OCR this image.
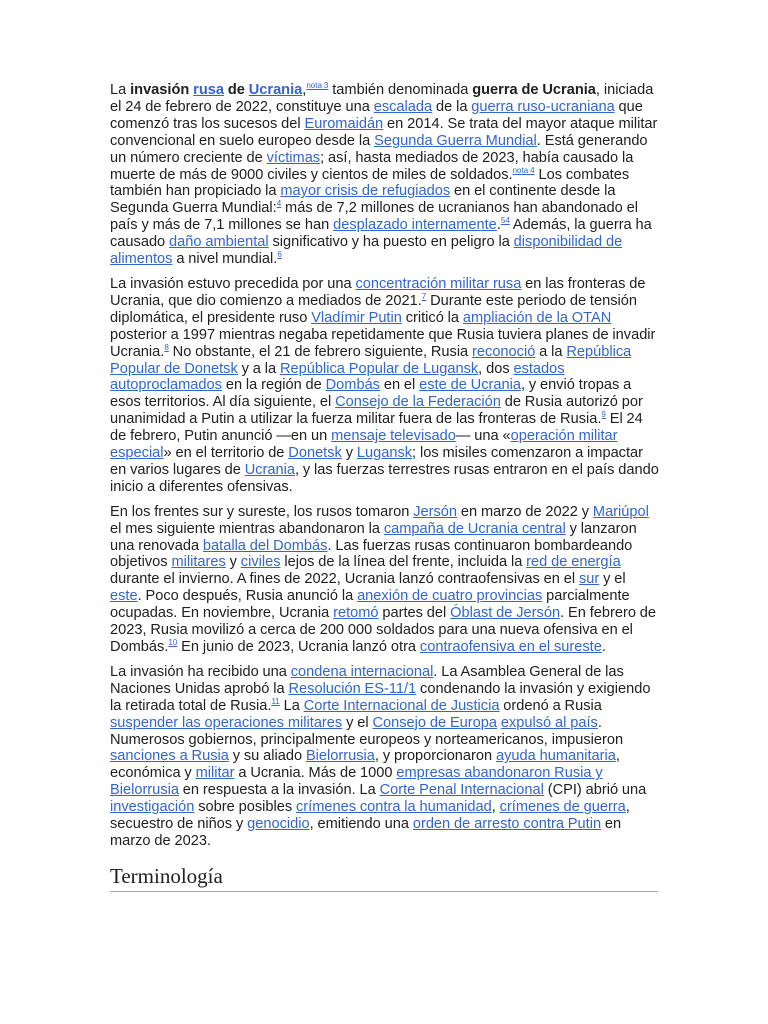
La invasión rusa de Ucrania,$^{nota 3}$ también denominada guerra de Ucrania, iniciada el 24 de febrero de 2022, constituye una escalada de la guerra ruso-ucraniana que comenzó tras los sucesos del Euromaidán en 2014. Se trata del mayor ataque militar convencional en suelo europeo desde la Segunda Guerra Mundial. Está generando un número creciente de víctimas; así, hasta mediados de 2023, había causado la muerte de más de 9000 civiles y cientos de miles de soldados.$^{nota 4}$ Los combates también han propiciado la mayor crisis de refugiados en el continente desde la Segunda Guerra Mundial:$^4$ más de 7,2 millones de ucranianos han abandonado el país y más de 7,1 millones se han desplazado internamente.$^{54}$ Además, la guerra ha causado daño ambiental significativo y ha puesto en peligro la disponibilidad de alimentos a nivel mundial.$^6$

La invasión estuvo precedida por una concentración militar rusa en las fronteras de Ucrania, que dio comienzo a mediados de 2021.$^7$ Durante este periodo de tensión diplomática, el presidente ruso Vladímir Putin criticó la ampliación de la OTAN posterior a 1997 mientras negaba repetidamente que Rusia tuviera planes de invadir Ucrania.$^8$ No obstante, el 21 de febrero siguiente, Rusia reconoció a la República Popular de Donetsk y a la República Popular de Lugansk, dos estados autoproclamados en la región de Dombás en el este de Ucrania, y envió tropas a esos territorios. Al día siguiente, el Consejo de la Federación de Rusia autorizó por unanimidad a Putin a utilizar la fuerza militar fuera de las fronteras de Rusia.$^9$ El 24 de febrero, Putin anunció —en un mensaje televisado— una «operación militar especial» en el territorio de Donetsk y Lugansk; los misiles comenzaron a impactar en varios lugares de Ucrania, y las fuerzas terrestres rusas entraron en el país dando inicio a diferentes ofensivas.

En los frentes sur y sureste, los rusos tomaron Jersón en marzo de 2022 y Mariúpol el mes siguiente mientras abandonaron la campaña de Ucrania central y lanzaron una renovada batalla del Dombás. Las fuerzas rusas continuaron bombardeando objetivos militares y civiles lejos de la línea del frente, incluida la red de energía durante el invierno. A fines de 2022, Ucrania lanzó contraofensivas en el sur y el este. Poco después, Rusia anunció la anexión de cuatro provincias parcialmente ocupadas. En noviembre, Ucrania retomó partes del Óblast de Jersón. En febrero de 2023, Rusia movilizó a cerca de 200 000 soldados para una nueva ofensiva en el Dombás.$^{10}$ En junio de 2023, Ucrania lanzó otra contraofensiva en el sureste.

La invasión ha recibido una condena internacional. La Asamblea General de las Naciones Unidas aprobó la Resolución ES-11/1 condenando la invasión y exigiendo la retirada total de Rusia.$^{11}$ La Corte Internacional de Justicia ordenó a Rusia suspender las operaciones militares y el Consejo de Europa expulsó al país. Numerosos gobiernos, principalmente europeos y norteamericanos, impusieron sanciones a Rusia y su aliado Bielorrusia, y proporcionaron ayuda humanitaria, económica y militar a Ucrania. Más de 1000 empresas abandonaron Rusia y Bielorrusia en respuesta a la invasión. La Corte Penal Internacional (CPI) abrió una investigación sobre posibles crímenes contra la humanidad, crímenes de guerra, secuestro de niños y genocidio, emitiendo una orden de arresto contra Putin en marzo de 2023.

Terminología
